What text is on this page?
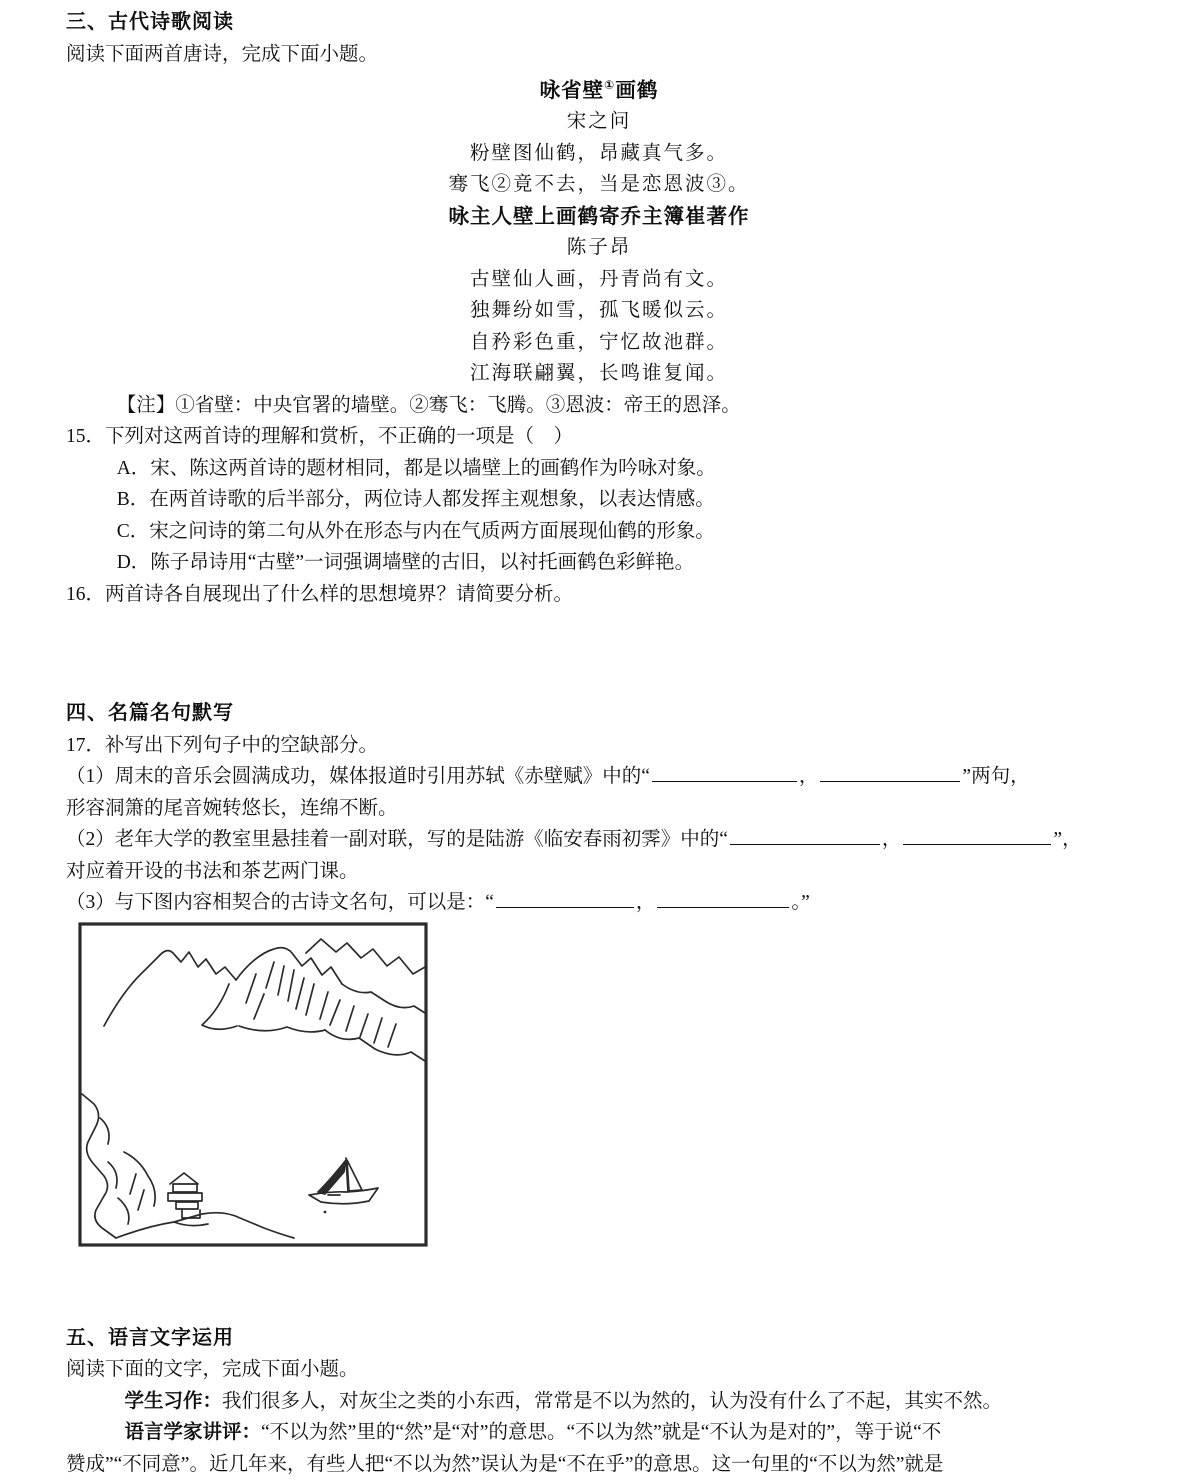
三、古代诗歌阅读

阅读下面两首唐诗，完成下面小题。

咏省壁①画鹤

宋之问

粉壁图仙鹤，昂藏真气多。

骞飞②竟不去，当是恋恩波③。

咏主人壁上画鹤寄乔主簿崔著作

陈子昂

古壁仙人画，丹青尚有文。

独舞纷如雪，孤飞暖似云。

自矜彩色重，宁忆故池群。

江海联翩翼，长鸣谁复闻。

【注】①省壁：中央官署的墙壁。②骞飞：飞腾。③恩波：帝王的恩泽。

15．下列对这两首诗的理解和赏析，不正确的一项是（　）

A．宋、陈这两首诗的题材相同，都是以墙壁上的画鹤作为吟咏对象。

B．在两首诗歌的后半部分，两位诗人都发挥主观想象，以表达情感。

C．宋之问诗的第二句从外在形态与内在气质两方面展现仙鹤的形象。

D．陈子昂诗用“古壁”一词强调墙壁的古旧，以衬托画鹤色彩鲜艳。

16．两首诗各自展现出了什么样的思想境界？请简要分析。

四、名篇名句默写

17．补写出下列句子中的空缺部分。

（1）周末的音乐会圆满成功，媒体报道时引用苏轼《赤壁赋》中的“	，	”两句，

形容洞箫的尾音婉转悠长，连绵不断。

（2）老年大学的教室里悬挂着一副对联，写的是陆游《临安春雨初霁》中的“	，	”，

对应着开设的书法和茶艺两门课。

（3）与下图内容相契合的古诗文名句，可以是：“	，	。”

五、语言文字运用

阅读下面的文字，完成下面小题。

学生习作：我们很多人，对灰尘之类的小东西，常常是不以为然的，认为没有什么了不起，其实不然。

语言学家讲评：“不以为然”里的“然”是“对”的意思。“不以为然”就是“不认为是对的”，等于说“不

赞成”“不同意”。近几年来，有些人把“不以为然”误认为是“不在乎”的意思。这一句里的“不以为然”就是
